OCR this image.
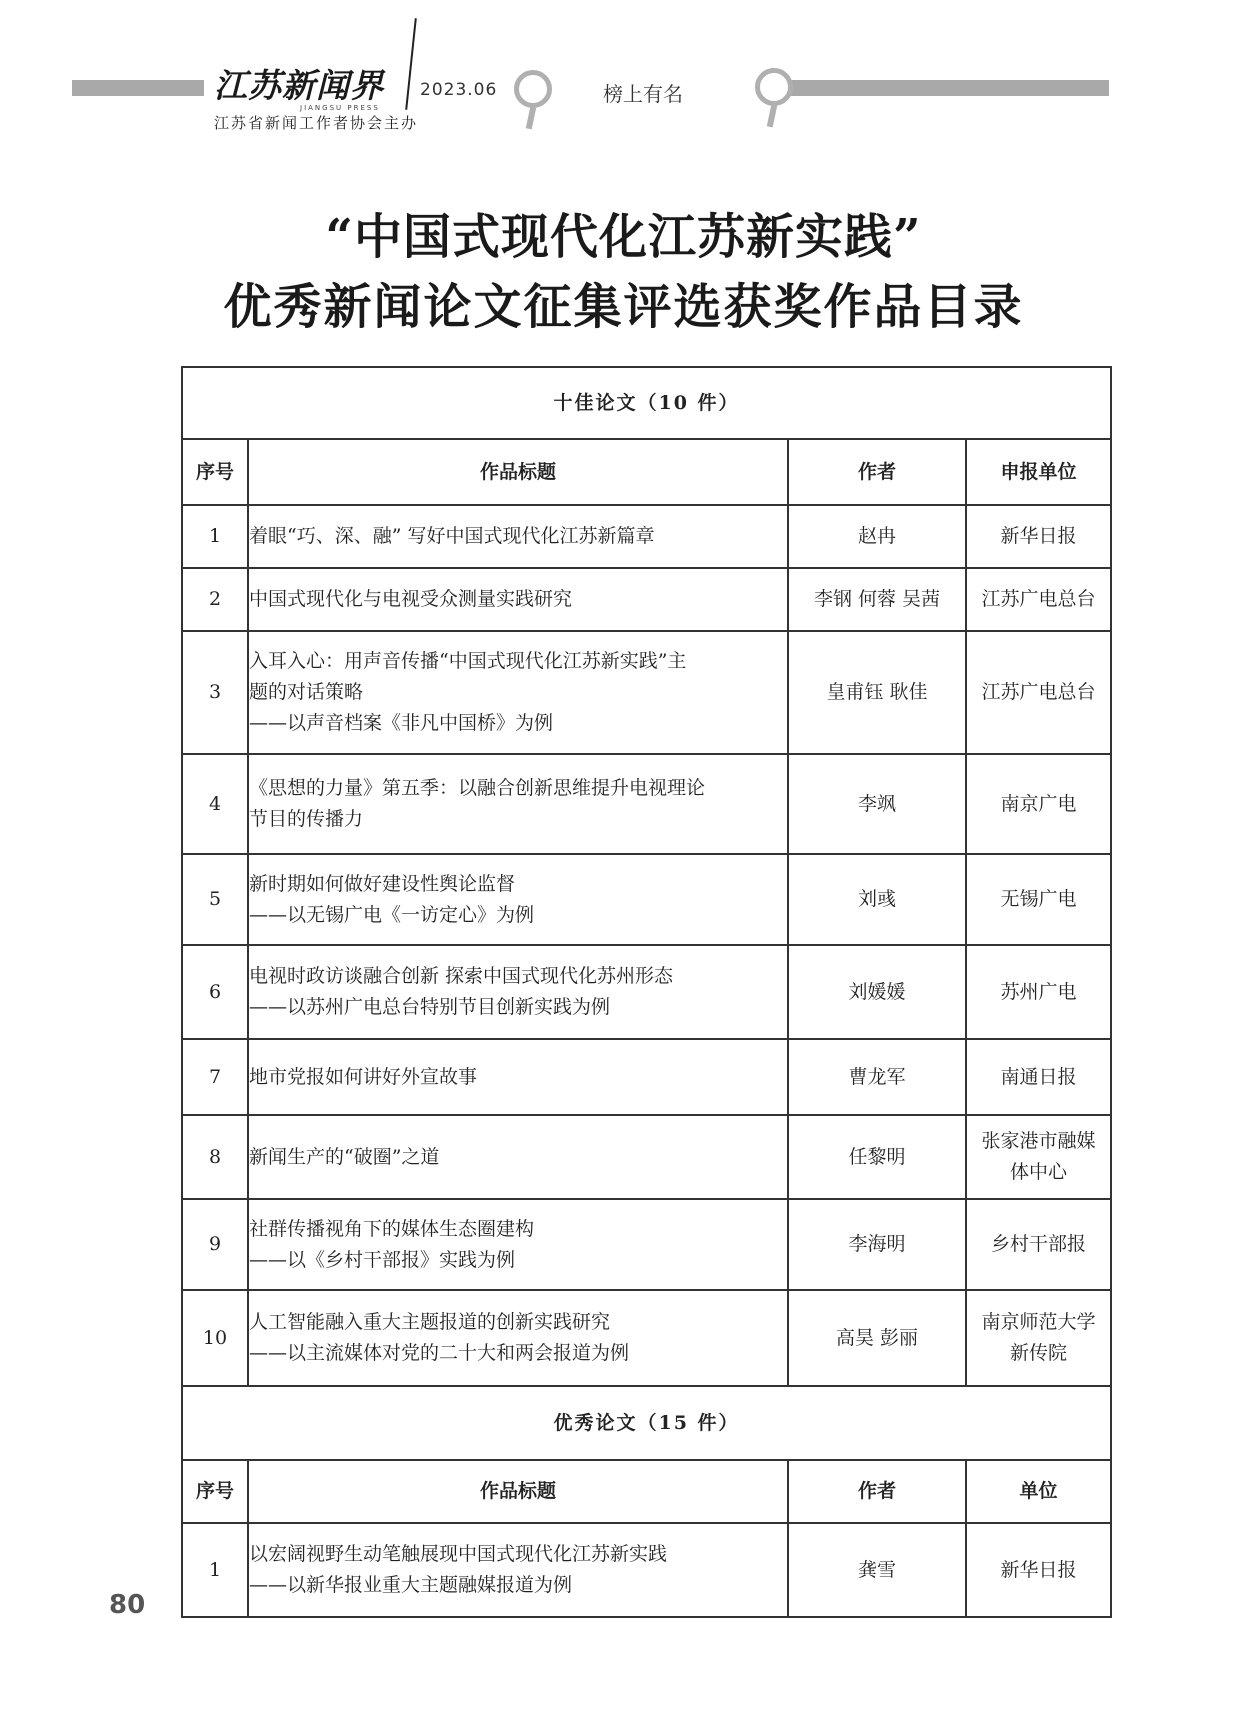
江苏新闻界
JIANGSU PRESS
2023.06
江苏省新闻工作者协会主办
榜上有名
“中国式现代化江苏新实践”
优秀新闻论文征集评选获奖作品目录
十佳论文（10 件）			
序号	作品标题	作者	申报单位
1	着眼“巧、深、融” 写好中国式现代化江苏新篇章	赵冉	新华日报

2	中国式现代化与电视受众测量实践研究	李钢 何蓉 吴茜	江苏广电总台

3	入耳入心：用声音传播“中国式现代化江苏新实践”主
题的对话策略
——以声音档案《非凡中国桥》为例	皇甫钰 耿佳	江苏广电总台

4	《思想的力量》第五季：以融合创新思维提升电视理论
节目的传播力	李飒	南京广电

5	新时期如何做好建设性舆论监督
——以无锡广电《一访定心》为例	刘彧	无锡广电

6	电视时政访谈融合创新 探索中国式现代化苏州形态
——以苏州广电总台特别节目创新实践为例	刘媛媛	苏州广电

7	地市党报如何讲好外宣故事	曹龙军	南通日报

8	新闻生产的“破圈”之道	任黎明	张家港市融媒
体中心

9	社群传播视角下的媒体生态圈建构
——以《乡村干部报》实践为例	李海明	乡村干部报

10	人工智能融入重大主题报道的创新实践研究
——以主流媒体对党的二十大和两会报道为例	高昊 彭丽	南京师范大学
新传院

优秀论文（15 件）			
序号	作品标题	作者	单位
1	以宏阔视野生动笔触展现中国式现代化江苏新实践
——以新华报业重大主题融媒报道为例	龚雪	新华日报
80
